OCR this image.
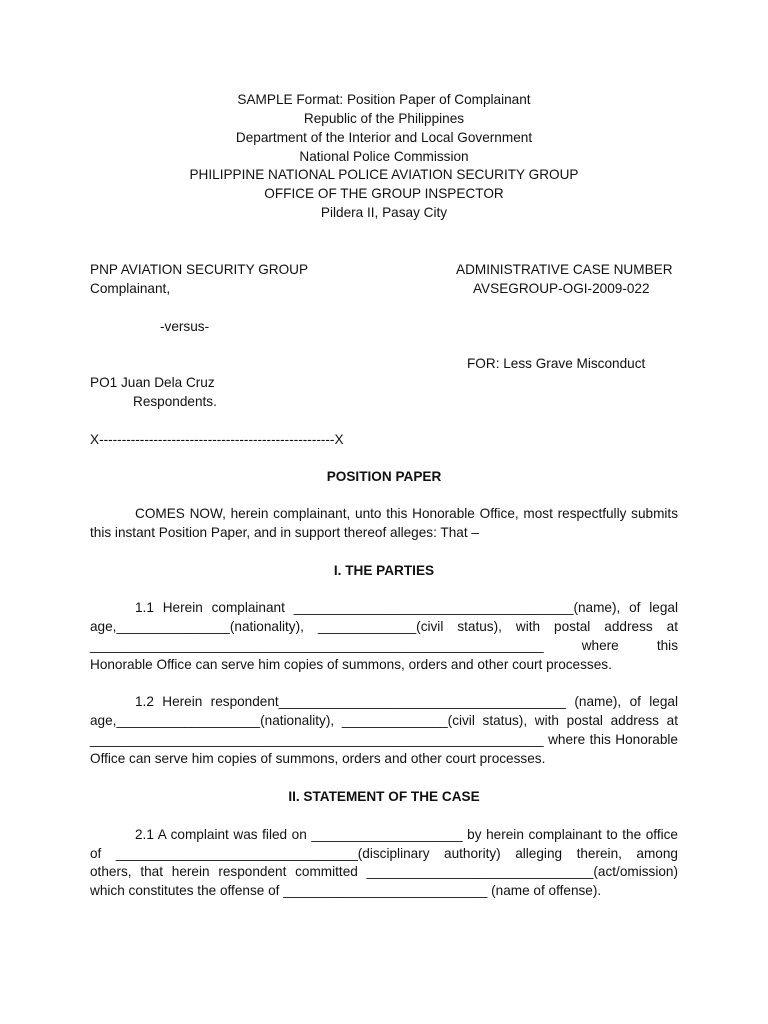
SAMPLE Format: Position Paper of Complainant
Republic of the Philippines
Department of the Interior and Local Government
National Police Commission
PHILIPPINE NATIONAL POLICE AVIATION SECURITY GROUP
OFFICE OF THE GROUP INSPECTOR
Pildera II, Pasay City
PNP AVIATION SECURITY GROUP
Complainant,
ADMINISTRATIVE CASE NUMBER
AVSEGROUP-OGI-2009-022
-versus-
FOR: Less Grave Misconduct
PO1 Juan Dela Cruz
Respondents.
X----------------------------------------------------X
POSITION PAPER
COMES NOW, herein complainant, unto this Honorable Office, most respectfully submits
this instant Position Paper, and in support thereof alleges: That –
I. THE PARTIES
1.1 Herein complainant _____________________________________(name), of legal
age,_______________(nationality), _____________(civil status), with postal address at
____________________________________________________________ where this
Honorable Office can serve him copies of summons, orders and other court processes.
1.2 Herein respondent______________________________________ (name), of legal
age,___________________(nationality), ______________(civil status), with postal address at
____________________________________________________________ where this Honorable
Office can serve him copies of summons, orders and other court processes.
II. STATEMENT OF THE CASE
2.1 A complaint was filed on ____________________ by herein complainant to the office
of ________________________________(disciplinary authority) alleging therein, among
others, that herein respondent committed ______________________________(act/omission)
which constitutes the offense of ___________________________ (name of offense).
